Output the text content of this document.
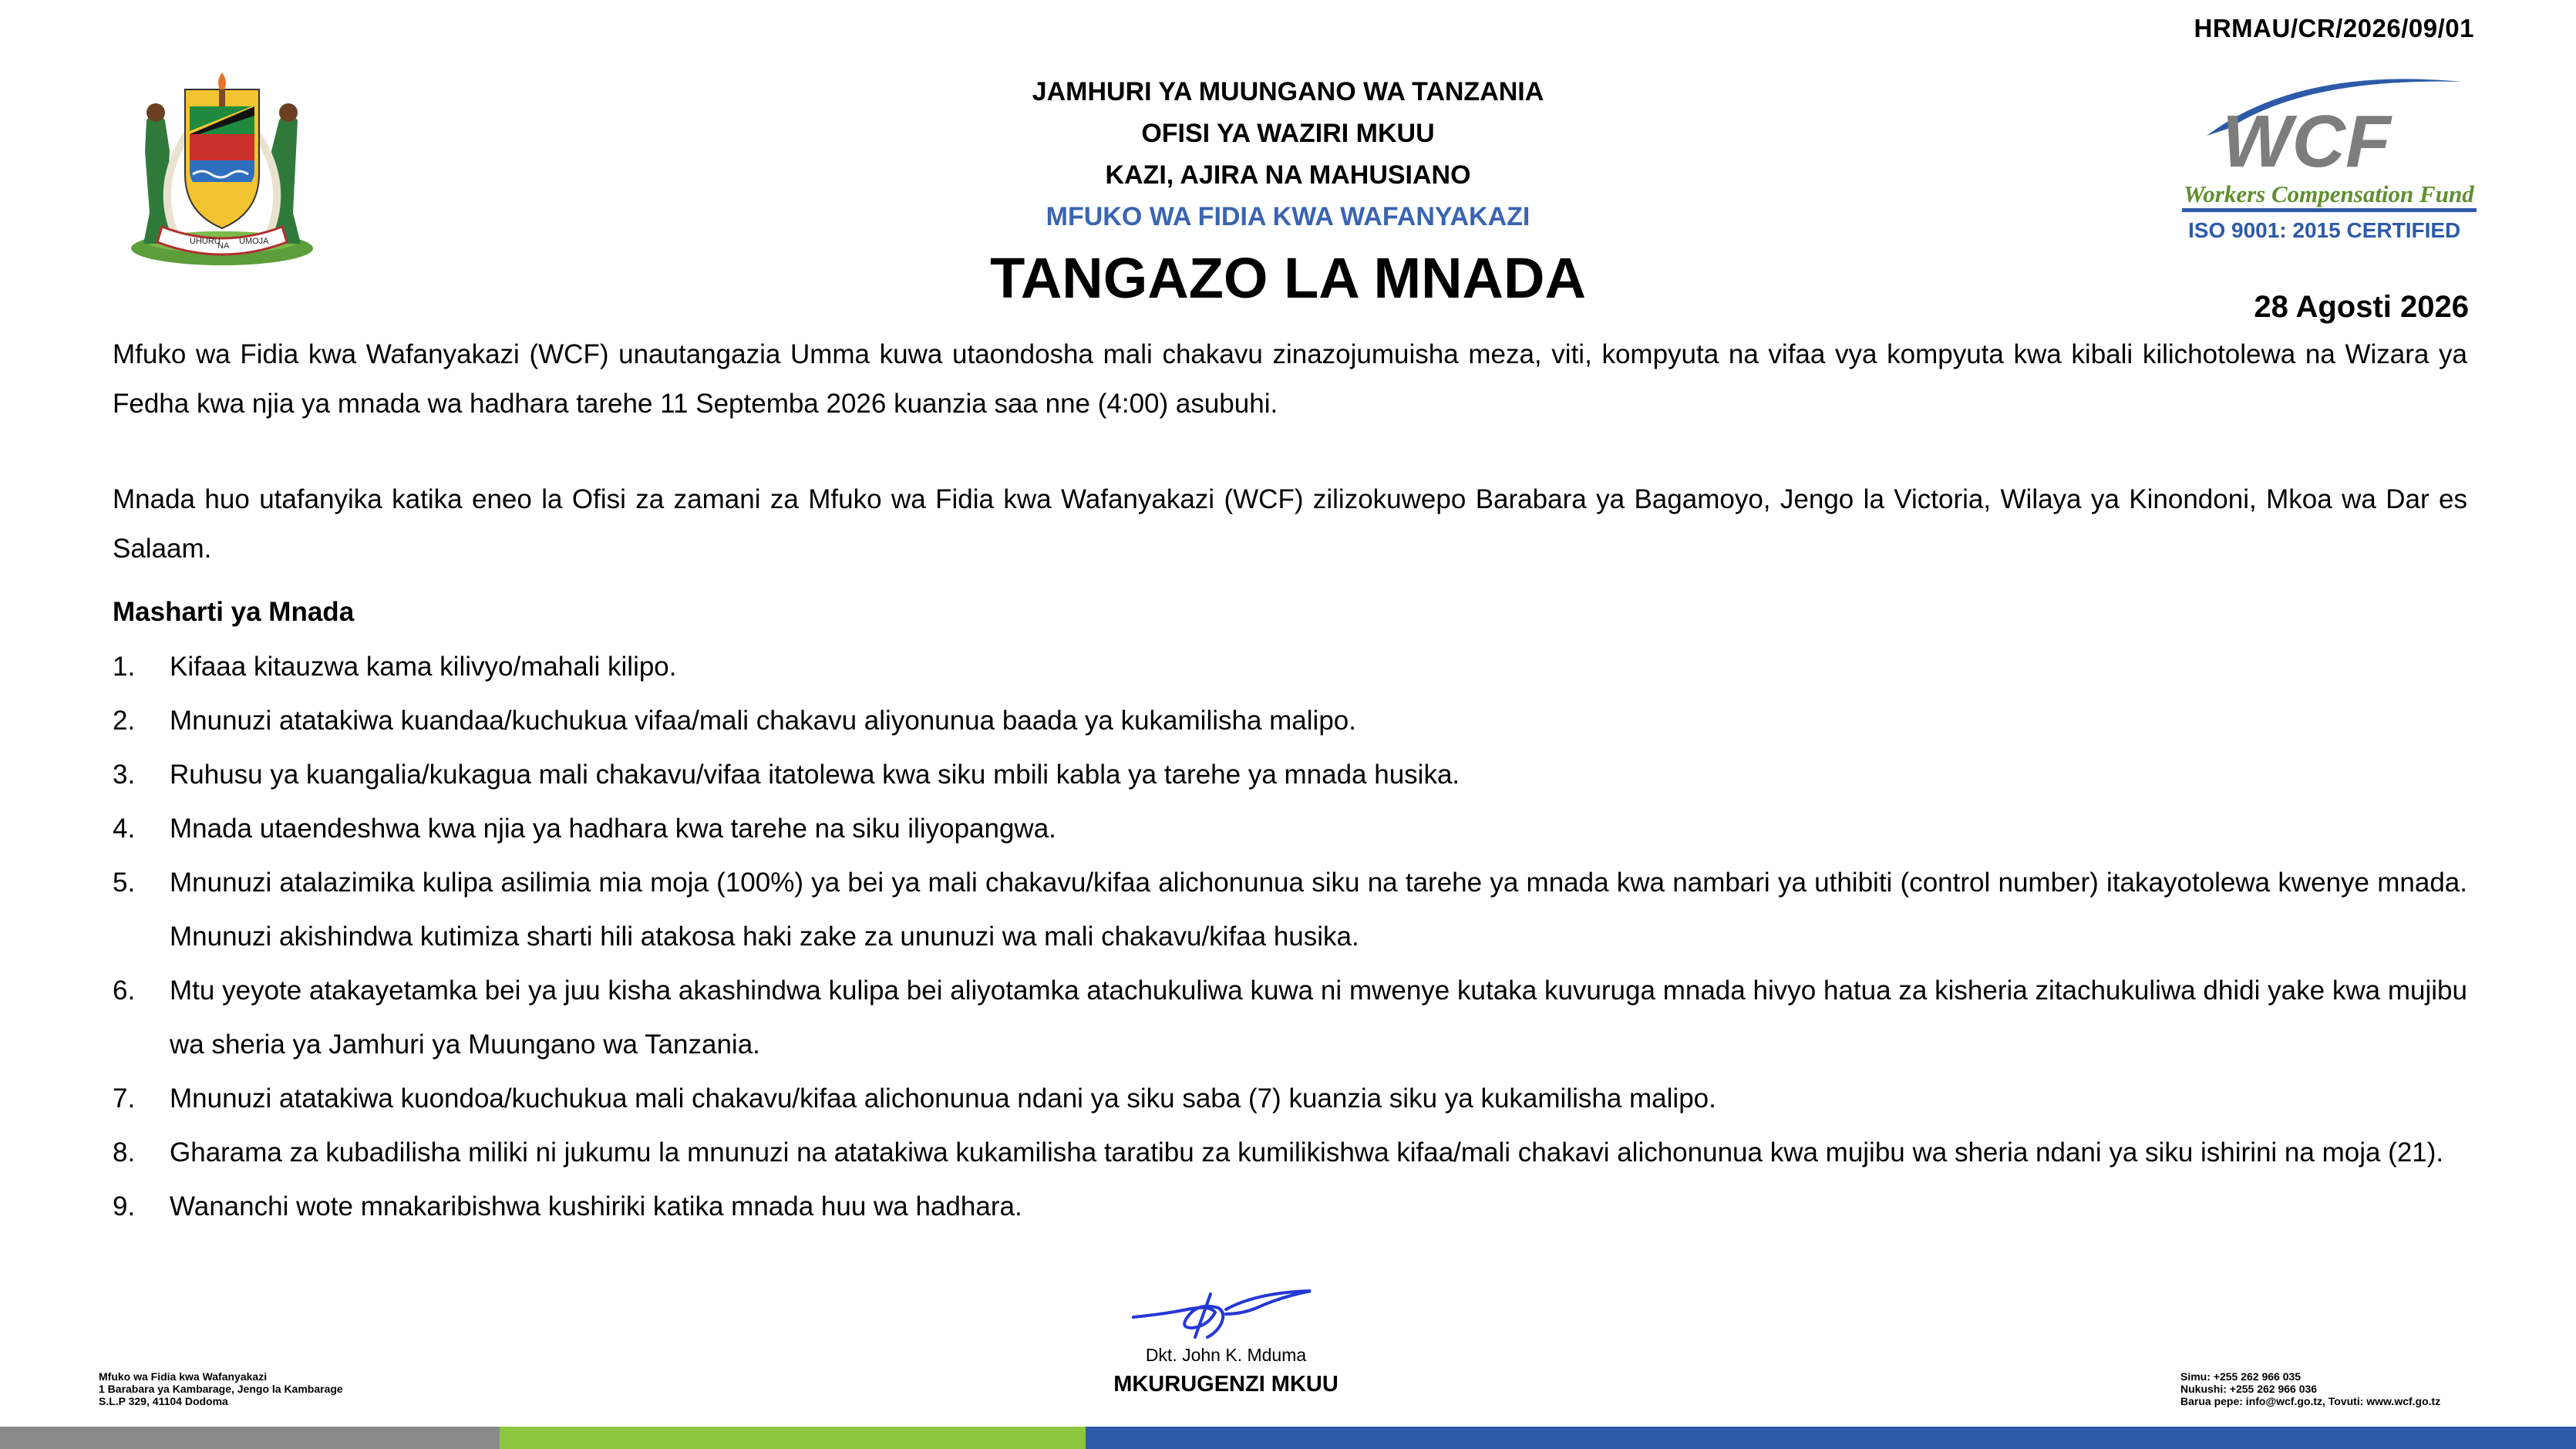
HRMAU/CR/2026/09/01
UHURU
NA UMOJA
JAMHURI YA MUUNGANO WA TANZANIA
OFISI YA WAZIRI MKUU
KAZI, AJIRA NA MAHUSIANO
MFUKO WA FIDIA KWA WAFANYAKAZI
WCF
Workers Compensation Fund
ISO 9001: 2015 CERTIFIED
TANGAZO LA MNADA	28 Agosti 2026

Mfuko wa Fidia kwa Wafanyakazi (WCF) unautangazia Umma kuwa utaondosha mali chakavu zinazojumuisha meza, viti, kompyuta na vifaa vya kompyuta kwa kibali kilichotolewa na Wizara ya Fedha kwa njia ya mnada wa hadhara tarehe 11 Septemba 2026 kuanzia saa nne (4:00) asubuhi.

Mnada huo utafanyika katika eneo la Ofisi za zamani za Mfuko wa Fidia kwa Wafanyakazi (WCF) zilizokuwepo Barabara ya Bagamoyo, Jengo la Victoria, Wilaya ya Kinondoni, Mkoa wa Dar es Salaam.

Masharti ya Mnada
1. Kifaaa kitauzwa kama kilivyo/mahali kilipo.
2. Mnunuzi atatakiwa kuandaa/kuchukua vifaa/mali chakavu aliyonunua baada ya kukamilisha malipo.
3. Ruhusu ya kuangalia/kukagua mali chakavu/vifaa itatolewa kwa siku mbili kabla ya tarehe ya mnada husika.
4. Mnada utaendeshwa kwa njia ya hadhara kwa tarehe na siku iliyopangwa.
5. Mnunuzi atalazimika kulipa asilimia mia moja (100%) ya bei ya mali chakavu/kifaa alichonunua siku na tarehe ya mnada kwa nambari ya uthibiti (control number) itakayotolewa kwenye mnada. Mnunuzi akishindwa kutimiza sharti hili atakosa haki zake za ununuzi wa mali chakavu/kifaa husika.
6. Mtu yeyote atakayetamka bei ya juu kisha akashindwa kulipa bei aliyotamka atachukuliwa kuwa ni mwenye kutaka kuvuruga mnada hivyo hatua za kisheria zitachukuliwa dhidi yake kwa mujibu wa sheria ya Jamhuri ya Muungano wa Tanzania.
7. Mnunuzi atatakiwa kuondoa/kuchukua mali chakavu/kifaa alichonunua ndani ya siku saba (7) kuanzia siku ya kukamilisha malipo.
8. Gharama za kubadilisha miliki ni jukumu la mnunuzi na atatakiwa kukamilisha taratibu za kumilikishwa kifaa/mali chakavi alichonunua kwa mujibu wa sheria ndani ya siku ishirini na moja (21).
9. Wananchi wote mnakaribishwa kushiriki katika mnada huu wa hadhara.
Dkt. John K. Mduma
MKURUGENZI MKUU
Mfuko wa Fidia kwa Wafanyakazi
1 Barabara ya Kambarage, Jengo la Kambarage
S.L.P 329, 41104 Dodoma
Simu: +255 262 966 035
Nukushi: +255 262 966 036
Barua pepe: info@wcf.go.tz, Tovuti: www.wcf.go.tz
